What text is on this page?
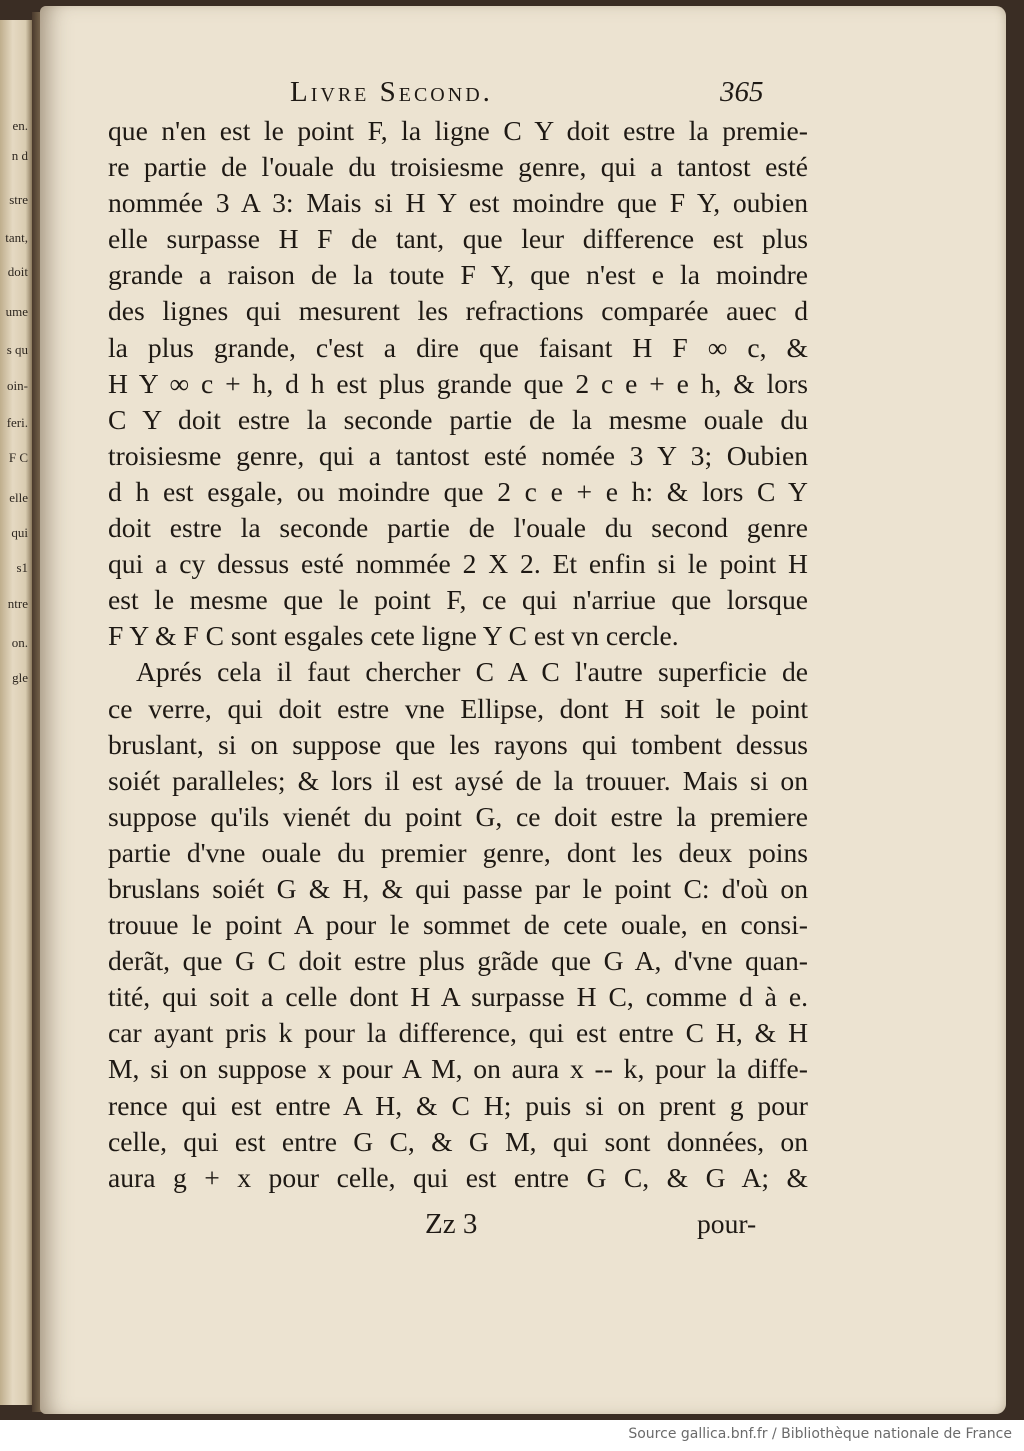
en.
n d
stre
tant,
doit
ume
s qu
oin-
feri.
F C
elle
qui
s1
ntre
on.
gle
Livre Second.	365
que n'en est le point F, la ligne C Y doit estre la premie-
re partie de l'ouale du troisiesme genre, qui a tantost esté
nommée 3 A 3: Mais si H Y est moindre que F Y, oubien
elle surpasse H F de tant, que leur difference est plus
grande a raison de la toute F Y, que n'est e la moindre
des lignes qui mesurent les refractions comparée auec d
la plus grande, c'est a dire que faisant H F ∞ c, &
H Y ∞ c + h, d h est plus grande que 2 c e + e h, & lors
C Y doit estre la seconde partie de la mesme ouale du
troisiesme genre, qui a tantost esté nomée 3 Y 3; Oubien
d h est esgale, ou moindre que 2 c e + e h: & lors C Y
doit estre la seconde partie de l'ouale du second genre
qui a cy dessus esté nommée 2 X 2. Et enfin si le point H
est le mesme que le point F, ce qui n'arriue que lorsque
F Y & F C sont esgales cete ligne Y C est vn cercle.
Aprés cela il faut chercher C A C l'autre superficie de
ce verre, qui doit estre vne Ellipse, dont H soit le point
bruslant, si on suppose que les rayons qui tombent dessus
soiét paralleles; & lors il est aysé de la trouuer. Mais si on
suppose qu'ils vienét du point G, ce doit estre la premiere
partie d'vne ouale du premier genre, dont les deux poins
bruslans soiét G & H, & qui passe par le point C: d'où on
trouue le point A pour le sommet de cete ouale, en consi-
derãt, que G C doit estre plus grãde que G A, d'vne quan-
tité, qui soit a celle dont H A surpasse H C, comme d à e.
car ayant pris k pour la difference, qui est entre C H, & H
M, si on suppose x pour A M, on aura x -- k, pour la diffe-
rence qui est entre A H, & C H; puis si on prent g pour
celle, qui est entre G C, & G M, qui sont données, on
aura g + x pour celle, qui est entre G C, & G A; &
Zz 3	pour-
Source gallica.bnf.fr / Bibliothèque nationale de France
